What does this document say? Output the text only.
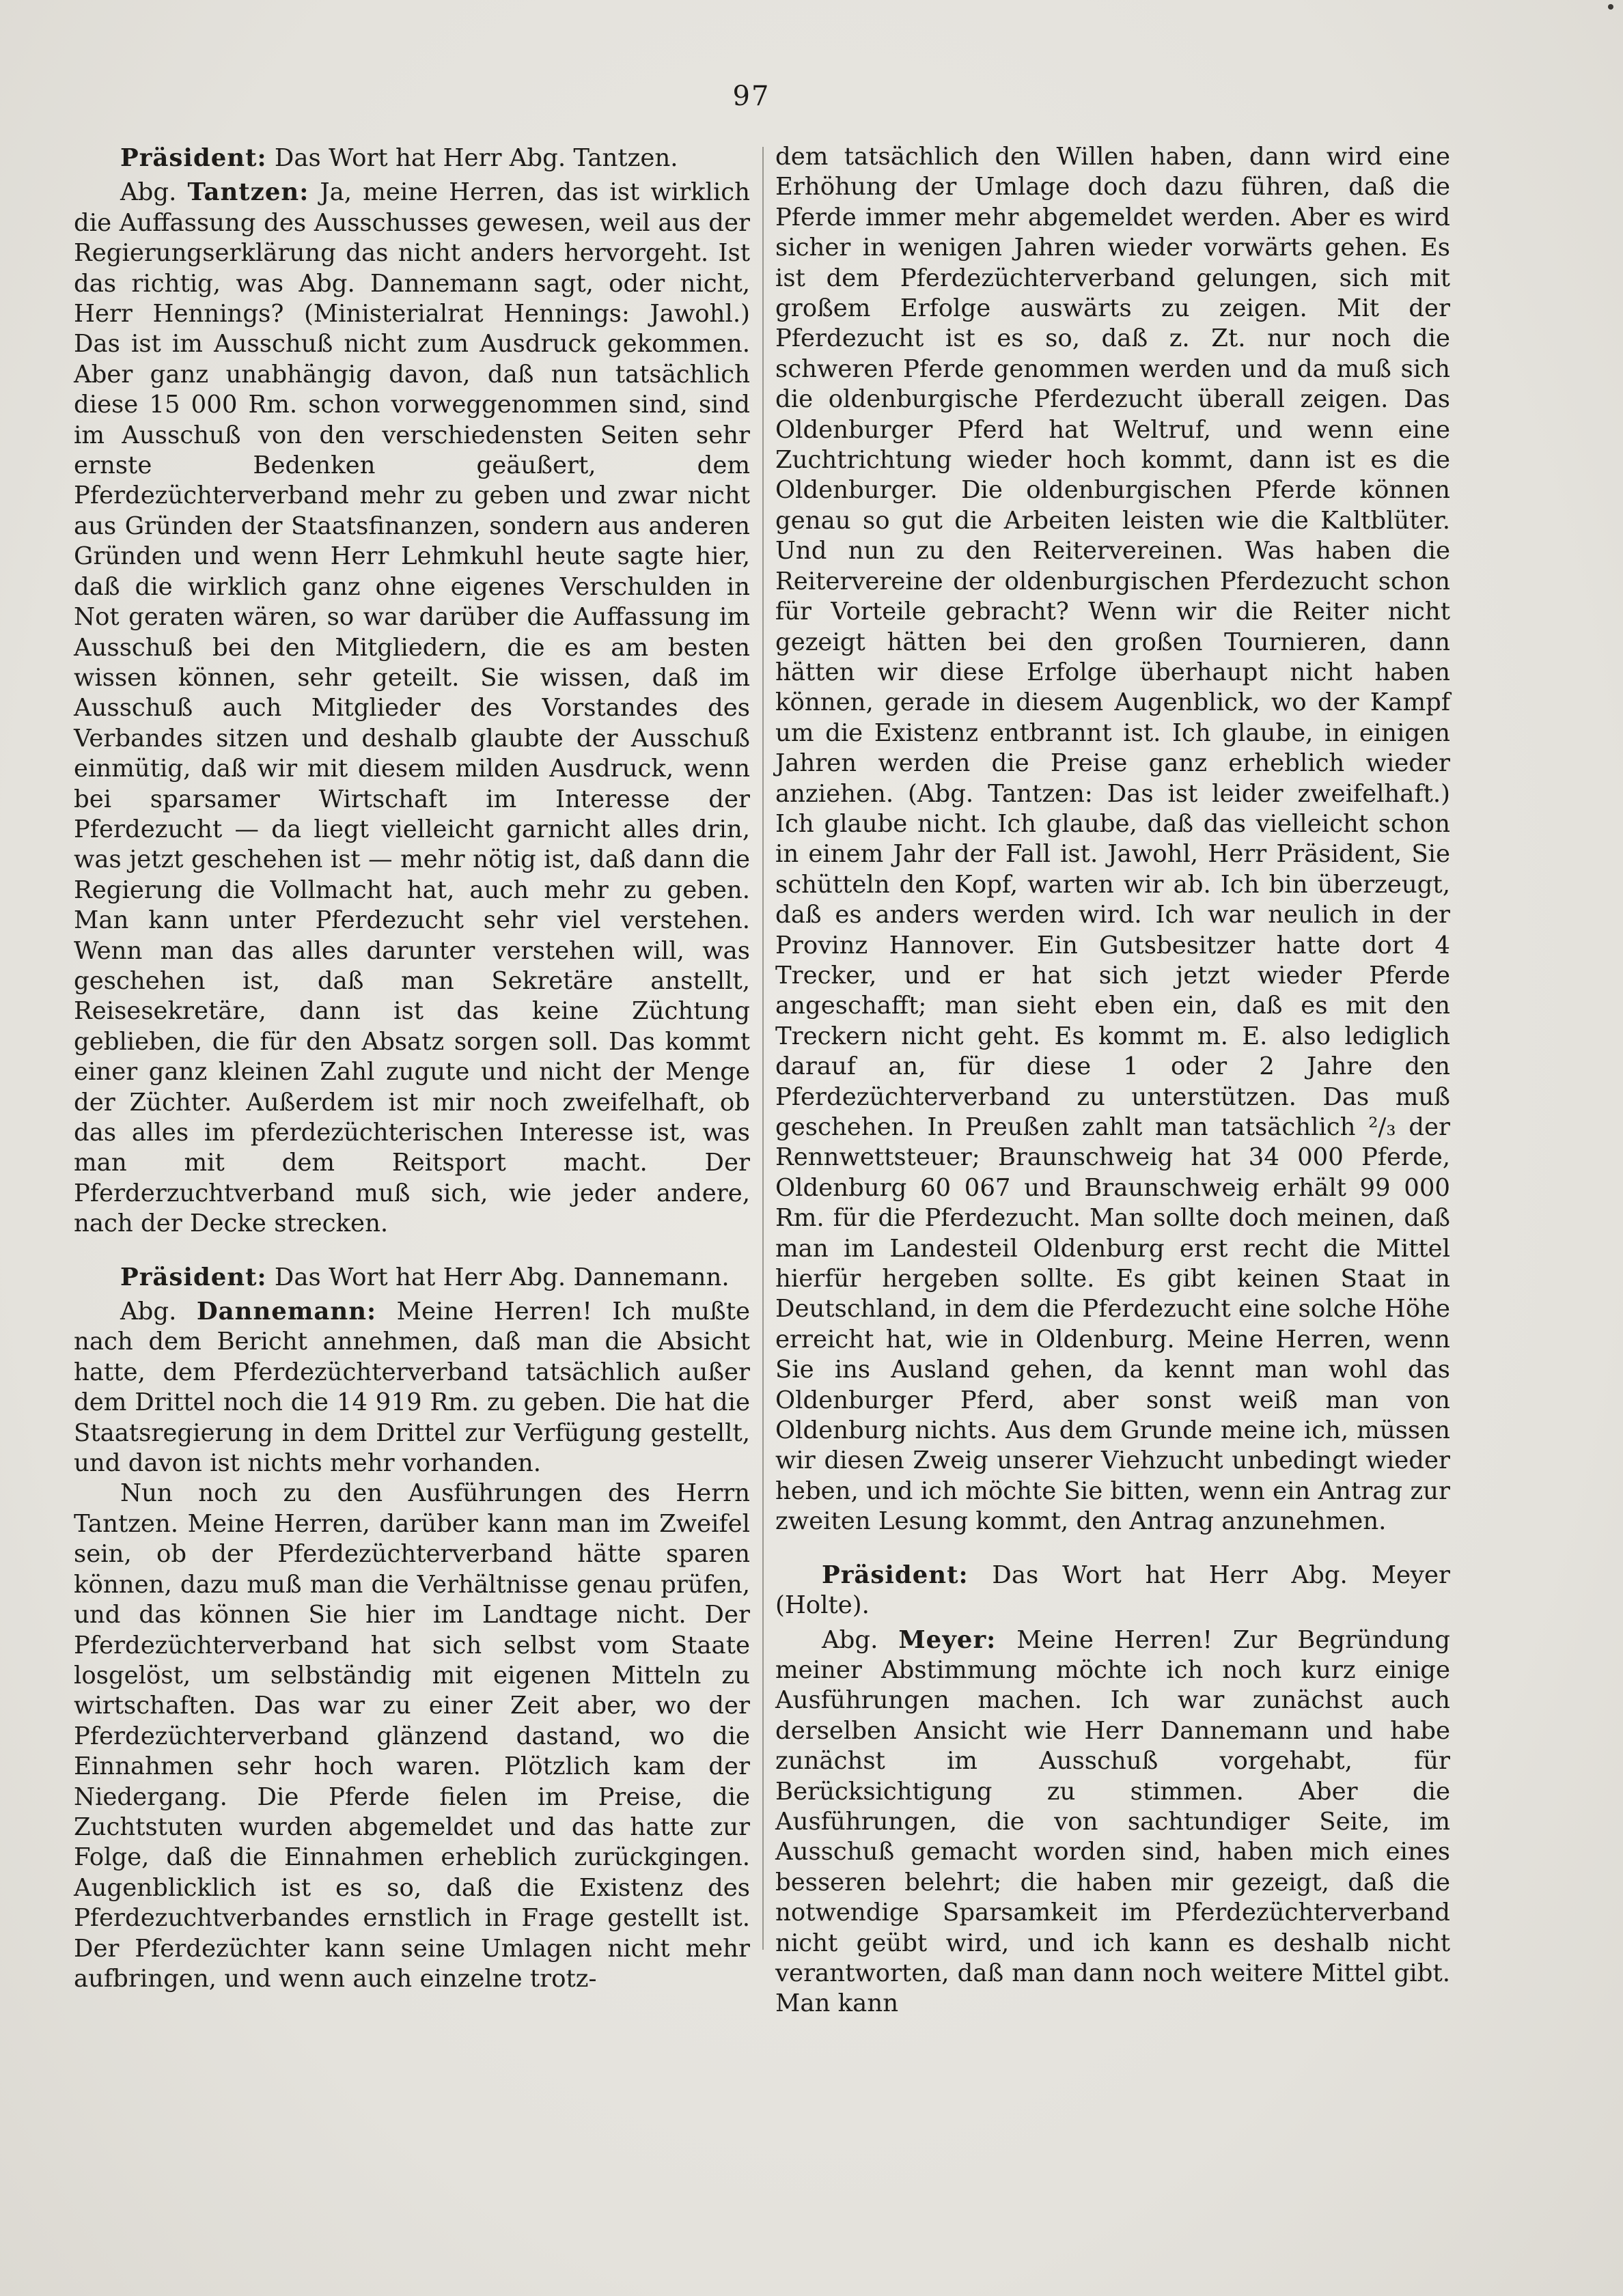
97

Präsident: Das Wort hat Herr Abg. Tantzen.

Abg. Tantzen: Ja, meine Herren, das ist wirklich die Auffassung des Ausschusses gewesen, weil aus der Regierungserklärung das nicht anders hervorgeht. Ist das richtig, was Abg. Dannemann sagt, oder nicht, Herr Hennings? (Ministerialrat Hennings: Jawohl.) Das ist im Ausschuß nicht zum Ausdruck gekommen. Aber ganz unabhängig davon, daß nun tatsächlich diese 15 000 Rm. schon vorweggenommen sind, sind im Ausschuß von den verschiedensten Seiten sehr ernste Bedenken geäußert, dem Pferdezüchterverband mehr zu geben und zwar nicht aus Gründen der Staatsfinanzen, sondern aus anderen Gründen und wenn Herr Lehmkuhl heute sagte hier, daß die wirklich ganz ohne eigenes Verschulden in Not geraten wären, so war darüber die Auffassung im Ausschuß bei den Mitgliedern, die es am besten wissen können, sehr geteilt. Sie wissen, daß im Ausschuß auch Mitglieder des Vorstandes des Verbandes sitzen und deshalb glaubte der Ausschuß einmütig, daß wir mit diesem milden Ausdruck, wenn bei sparsamer Wirtschaft im Interesse der Pferdezucht — da liegt vielleicht garnicht alles drin, was jetzt geschehen ist — mehr nötig ist, daß dann die Regierung die Vollmacht hat, auch mehr zu geben. Man kann unter Pferdezucht sehr viel verstehen. Wenn man das alles darunter verstehen will, was geschehen ist, daß man Sekretäre anstellt, Reisesekretäre, dann ist das keine Züchtung geblieben, die für den Absatz sorgen soll. Das kommt einer ganz kleinen Zahl zugute und nicht der Menge der Züchter. Außerdem ist mir noch zweifelhaft, ob das alles im pferdezüchterischen Interesse ist, was man mit dem Reitsport macht. Der Pferderzuchtverband muß sich, wie jeder andere, nach der Decke strecken.

Präsident: Das Wort hat Herr Abg. Dannemann.

Abg. Dannemann: Meine Herren! Ich mußte nach dem Bericht annehmen, daß man die Absicht hatte, dem Pferdezüchterverband tatsächlich außer dem Drittel noch die 14 919 Rm. zu geben. Die hat die Staatsregierung in dem Drittel zur Verfügung gestellt, und davon ist nichts mehr vorhanden.

Nun noch zu den Ausführungen des Herrn Tantzen. Meine Herren, darüber kann man im Zweifel sein, ob der Pferdezüchterverband hätte sparen können, dazu muß man die Verhältnisse genau prüfen, und das können Sie hier im Landtage nicht. Der Pferdezüchterverband hat sich selbst vom Staate losgelöst, um selbständig mit eigenen Mitteln zu wirtschaften. Das war zu einer Zeit aber, wo der Pferdezüchterverband glänzend dastand, wo die Einnahmen sehr hoch waren. Plötzlich kam der Niedergang. Die Pferde fielen im Preise, die Zuchtstuten wurden abgemeldet und das hatte zur Folge, daß die Einnahmen erheblich zurückgingen. Augenblicklich ist es so, daß die Existenz des Pferdezuchtverbandes ernstlich in Frage gestellt ist. Der Pferdezüchter kann seine Umlagen nicht mehr aufbringen, und wenn auch einzelne trotz-

dem tatsächlich den Willen haben, dann wird eine Erhöhung der Umlage doch dazu führen, daß die Pferde immer mehr abgemeldet werden. Aber es wird sicher in wenigen Jahren wieder vorwärts gehen. Es ist dem Pferdezüchterverband gelungen, sich mit großem Erfolge auswärts zu zeigen. Mit der Pferdezucht ist es so, daß z. Zt. nur noch die schweren Pferde genommen werden und da muß sich die oldenburgische Pferdezucht überall zeigen. Das Oldenburger Pferd hat Weltruf, und wenn eine Zuchtrichtung wieder hoch kommt, dann ist es die Oldenburger. Die oldenburgischen Pferde können genau so gut die Arbeiten leisten wie die Kaltblüter. Und nun zu den Reitervereinen. Was haben die Reitervereine der oldenburgischen Pferdezucht schon für Vorteile gebracht? Wenn wir die Reiter nicht gezeigt hätten bei den großen Tournieren, dann hätten wir diese Erfolge überhaupt nicht haben können, gerade in diesem Augenblick, wo der Kampf um die Existenz entbrannt ist. Ich glaube, in einigen Jahren werden die Preise ganz erheblich wieder anziehen. (Abg. Tantzen: Das ist leider zweifelhaft.) Ich glaube nicht. Ich glaube, daß das vielleicht schon in einem Jahr der Fall ist. Jawohl, Herr Präsident, Sie schütteln den Kopf, warten wir ab. Ich bin überzeugt, daß es anders werden wird. Ich war neulich in der Provinz Hannover. Ein Gutsbesitzer hatte dort 4 Trecker, und er hat sich jetzt wieder Pferde angeschafft; man sieht eben ein, daß es mit den Treckern nicht geht. Es kommt m. E. also lediglich darauf an, für diese 1 oder 2 Jahre den Pferdezüchterverband zu unterstützen. Das muß geschehen. In Preußen zahlt man tatsächlich ²/₃ der Rennwettsteuer; Braunschweig hat 34 000 Pferde, Oldenburg 60 067 und Braunschweig erhält 99 000 Rm. für die Pferdezucht. Man sollte doch meinen, daß man im Landesteil Oldenburg erst recht die Mittel hierfür hergeben sollte. Es gibt keinen Staat in Deutschland, in dem die Pferdezucht eine solche Höhe erreicht hat, wie in Oldenburg. Meine Herren, wenn Sie ins Ausland gehen, da kennt man wohl das Oldenburger Pferd, aber sonst weiß man von Oldenburg nichts. Aus dem Grunde meine ich, müssen wir diesen Zweig unserer Viehzucht unbedingt wieder heben, und ich möchte Sie bitten, wenn ein Antrag zur zweiten Lesung kommt, den Antrag anzunehmen.

Präsident: Das Wort hat Herr Abg. Meyer (Holte).

Abg. Meyer: Meine Herren! Zur Begründung meiner Abstimmung möchte ich noch kurz einige Ausführungen machen. Ich war zunächst auch derselben Ansicht wie Herr Dannemann und habe zunächst im Ausschuß vorgehabt, für Berücksichtigung zu stimmen. Aber die Ausführungen, die von sachtundiger Seite, im Ausschuß gemacht worden sind, haben mich eines besseren belehrt; die haben mir gezeigt, daß die notwendige Sparsamkeit im Pferdezüchterverband nicht geübt wird, und ich kann es deshalb nicht verantworten, daß man dann noch weitere Mittel gibt. Man kann
